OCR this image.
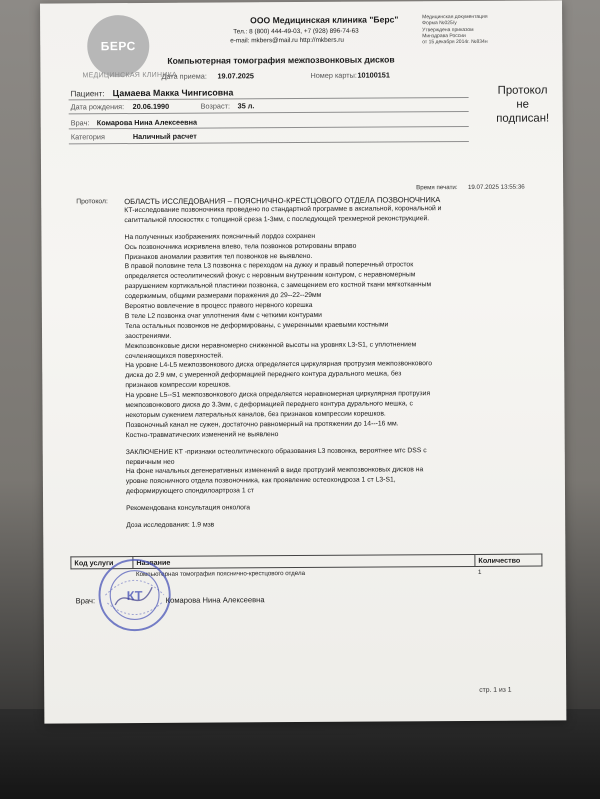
БЕРС
МЕДИЦИНСКАЯ КЛИНИКА
ООО Медицинская клиника "Берс"
Тел.: 8 (800) 444-49-03, +7 (928) 896-74-63
e-mail: mkbers@mail.ru http://mkbers.ru
Медицинская документация
Форма №025/у
Утверждена приказом
Минздрава России
от 15 декабря 2014г. №834н
Компьютерная томография межпозвонковых дисков
Дата приема: 19.07.2025	Номер карты: 10100151
Пациент: Цамаева Макка Чингисовна
Дата рождения: 20.06.1990	Возраст: 35 л.
Врач: Комарова Нина Алексеевна
Категория	Наличный расчет
Протокол
не
подписан!
Время печати: 19.07.2025 13:55:36
Протокол: ОБЛАСТЬ ИССЛЕДОВАНИЯ – ПОЯСНИЧНО-КРЕСТЦОВОГО ОТДЕЛА ПОЗВОНОЧНИКА
КТ-исследование позвоночника проведено по стандартной программе в аксиальной, корональной и
сагиттальной плоскостях с толщиной среза 1-3мм, с последующей трехмерной реконструкцией.
На полученных изображениях поясничный лордоз сохранен
Ось позвоночника искривлена влево, тела позвонков ротированы вправо
Признаков аномалии развития тел позвонков не выявлено.
В правой половине тела L3 позвонка с переходом на дужку и правый поперечный отросток
определяется остеолитический фокус с неровным внутренним контуром, с неравномерным
разрушением кортикальной пластинки позвонка, с замещением его костной ткани мягкотканным
содержимым, общими размерами поражения до 29--22--29мм
Вероятно вовлечение в процесс правого нервного корешка
В теле L2 позвонка очаг уплотнения 4мм с четкими контурами
Тела остальных позвонков не деформированы, с умеренными краевыми костными
заострениями.
Межпозвонковые диски неравномерно сниженной высоты на уровнях L3-S1, с уплотнением
сочленяющихся поверхностей.
На уровне L4-L5 межпозвонкового диска определяется циркулярная протрузия межпозвонкового
диска до 2.9 мм, с умеренной деформацией переднего контура дурального мешка, без
признаков компрессии корешков.
На уровне L5--S1 межпозвонкового диска определяется неравномерная циркулярная протрузия
межпозвонкового диска до 3.3мм, с деформацией переднего контура дурального мешка, с
некоторым сужением латеральных каналов, без признаков компрессии корешков.
Позвоночный канал не сужен, достаточно равномерный на протяжении до 14---16 мм.
Костно-травматических изменений не выявлено
ЗАКЛЮЧЕНИЕ КТ -признаки остеолитического образования L3 позвонка, вероятнее мтс DSS с
первичным нео
На фоне начальных дегенеративных изменений в виде протрузий межпозвонковых дисков на
уровне поясничного отдела позвоночника, как проявление остеохондроза 1 ст L3-S1,
деформирующего спондилоартроза 1 ст
Рекомендована консультация онколога
Доза исследования: 1.9 мзв
Код услуги	Название	Количество
	Компьютерная томография пояснично-крестцового отдела	1
КТ
Врач:	Комарова Нина Алексеевна
стр. 1 из 1
